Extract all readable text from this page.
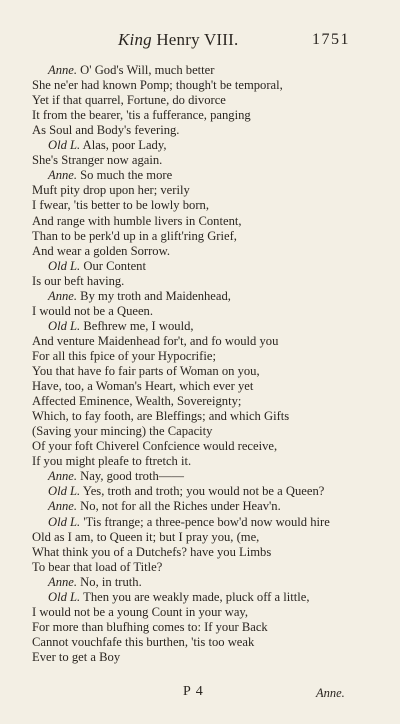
King Henry VIII.	1751
Anne. O' God's Will, much better
She ne'er had known Pomp; though't be temporal,
Yet if that quarrel, Fortune, do divorce
It from the bearer, 'tis a fufferance, panging
As Soul and Body's fevering.
Old L. Alas, poor Lady,
She's Stranger now again.
Anne. So much the more
Muft pity drop upon her; verily
I fwear, 'tis better to be lowly born,
And range with humble livers in Content,
Than to be perk'd up in a glift'ring Grief,
And wear a golden Sorrow.
Old L. Our Content
Is our beft having.
Anne. By my troth and Maidenhead,
I would not be a Queen.
Old L. Befhrew me, I would,
And venture Maidenhead for't, and fo would you
For all this fpice of your Hypocrifie;
You that have fo fair parts of Woman on you,
Have, too, a Woman's Heart, which ever yet
Affected Eminence, Wealth, Sovereignty;
Which, to fay footh, are Bleffings; and which Gifts
(Saving your mincing) the Capacity
Of your foft Chiverel Confcience would receive,
If you might pleafe to ftretch it.
Anne. Nay, good troth——
Old L. Yes, troth and troth; you would not be a Queen?
Anne. No, not for all the Riches under Heav'n.
Old L. 'Tis ftrange; a three-pence bow'd now would hire
Old as I am, to Queen it; but I pray you, (me,
What think you of a Dutchefs? have you Limbs
To bear that load of Title?
Anne. No, in truth.
Old L. Then you are weakly made, pluck off a little,
I would not be a young Count in your way,
For more than blufhing comes to: If your Back
Cannot vouchfafe this burthen, 'tis too weak
Ever to get a Boy
P 4	Anne.
